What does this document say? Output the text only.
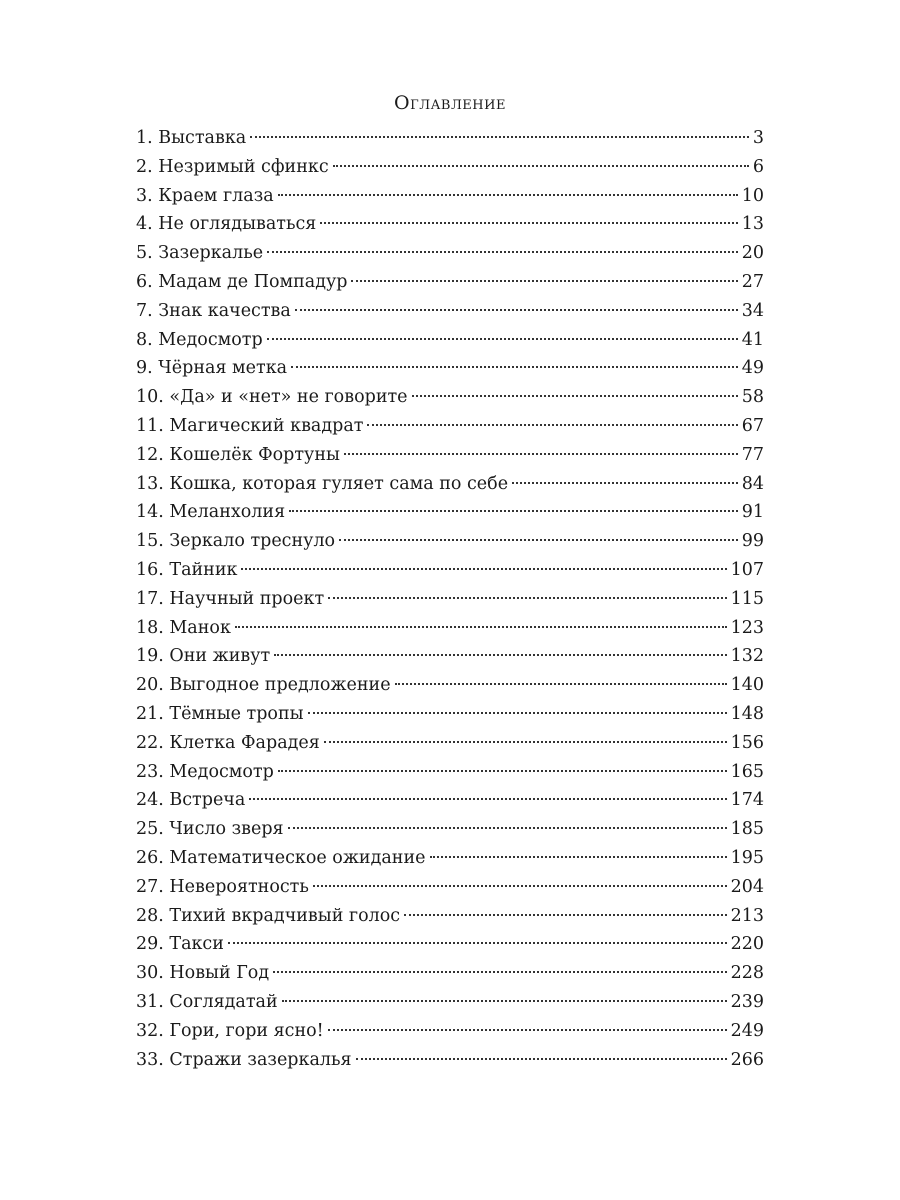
Оглавление
1. Выставка	3
2. Незримый сфинкс	6
3. Краем глаза	10
4. Не оглядываться	13
5. Зазеркалье	20
6. Мадам де Помпадур	27
7. Знак качества	34
8. Медосмотр	41
9. Чёрная метка	49
10. «Да» и «нет» не говорите	58
11. Магический квадрат	67
12. Кошелёк Фортуны	77
13. Кошка, которая гуляет сама по себе	84
14. Меланхолия	91
15. Зеркало треснуло	99
16. Тайник	107
17. Научный проект	115
18. Манок	123
19. Они живут	132
20. Выгодное предложение	140
21. Тёмные тропы	148
22. Клетка Фарадея	156
23. Медосмотр	165
24. Встреча	174
25. Число зверя	185
26. Математическое ожидание	195
27. Невероятность	204
28. Тихий вкрадчивый голос	213
29. Такси	220
30. Новый Год	228
31. Соглядатай	239
32. Гори, гори ясно!	249
33. Стражи зазеркалья	266
